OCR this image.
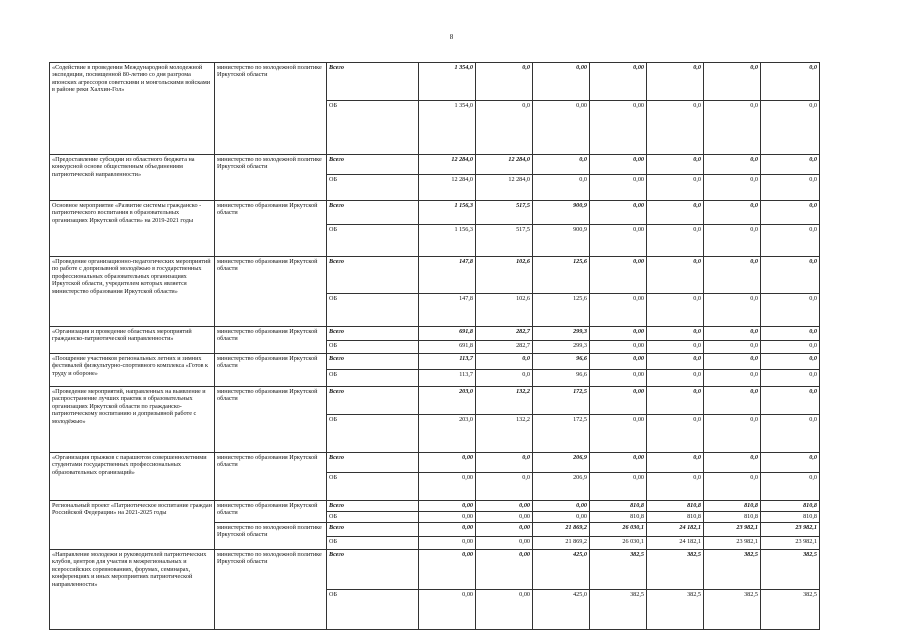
8
«Содействие в проведении Международной молодежной экспедиции, посвященной 80-летию со дня разгрома японских агрессоров советскими и монгольскими войсками в районе реки Халхин-Гол»	министерство по молодежной политике Иркутской области	Всего	1 354,0	0,0	0,00	0,00	0,0	0,0	0,0
		ОБ	1 354,0	0,0	0,00	0,00	0,0	0,0	0,0
«Предоставление субсидии из областного бюджета на конкурсной основе общественным объединениям патриотической направленности»	министерство по молодежной политике Иркутской области	Всего	12 284,0	12 284,0	0,0	0,00	0,0	0,0	0,0
		ОБ	12 284,0	12 284,0	0,0	0,00	0,0	0,0	0,0
Основное мероприятие «Развитие системы гражданско - патриотического воспитания в образовательных организациях Иркутской области» на 2019-2021 годы	министерство образования Иркутской области	Всего	1 156,3	517,5	900,9	0,00	0,0	0,0	0,0
		ОБ	1 156,3	517,5	900,9	0,00	0,0	0,0	0,0
«Проведение организационно-педагогических мероприятий по работе с допризывной молодёжью в государственных профессиональных образовательных организациях Иркутской области, учредителем которых является министерство образования Иркутской области»	министерство образования Иркутской области	Всего	147,8	102,6	125,6	0,00	0,0	0,0	0,0
		ОБ	147,8	102,6	125,6	0,00	0,0	0,0	0,0
«Организация и проведение областных мероприятий гражданско-патриотической направленности»	министерство образования Иркутской области	Всего	691,8	282,7	299,3	0,00	0,0	0,0	0,0
		ОБ	691,8	282,7	299,3	0,00	0,0	0,0	0,0
«Поощрение участников региональных летних и зимних фестивалей физкультурно-спортивного комплекса «Готов к труду и обороне»	министерство образования Иркутской области	Всего	113,7	0,0	96,6	0,00	0,0	0,0	0,0
		ОБ	113,7	0,0	96,6	0,00	0,0	0,0	0,0
«Проведение мероприятий, направленных на выявление и распространение лучших практик в образовательных организациях Иркутской области по гражданско-патриотическому воспитанию и допризывной работе с молодёжью»	министерство образования Иркутской области	Всего	203,0	132,2	172,5	0,00	0,0	0,0	0,0
		ОБ	203,0	132,2	172,5	0,00	0,0	0,0	0,0
«Организация прыжков с парашютом совершеннолетними студентами государственных профессиональных образовательных организаций»	министерство образования Иркутской области	Всего	0,00	0,0	206,9	0,00	0,0	0,0	0,0
		ОБ	0,00	0,0	206,9	0,00	0,0	0,0	0,0
Региональный проект «Патриотическое воспитание граждан Российской Федерации» на 2021-2025 годы	министерство образования Иркутской области	Всего	0,00	0,00	0,00	810,8	810,8	810,8	810,8
		ОБ	0,00	0,00	0,00	810,8	810,8	810,8	810,8
	министерство по молодежной политике Иркутской области	Всего	0,00	0,00	21 869,2	26 030,1	24 182,1	23 982,1	23 982,1
		ОБ	0,00	0,00	21 869,2	26 030,1	24 182,1	23 982,1	23 982,1
«Направление молодежи и руководителей патриотических клубов, центров для участия в межрегиональных и всероссийских соревнованиях, форумах, семинарах, конференциях и иных мероприятиях патриотической направленности»	министерство по молодежной политике Иркутской области	Всего	0,00	0,00	425,0	382,5	382,5	382,5	382,5
		ОБ	0,00	0,00	425,0	382,5	382,5	382,5	382,5
